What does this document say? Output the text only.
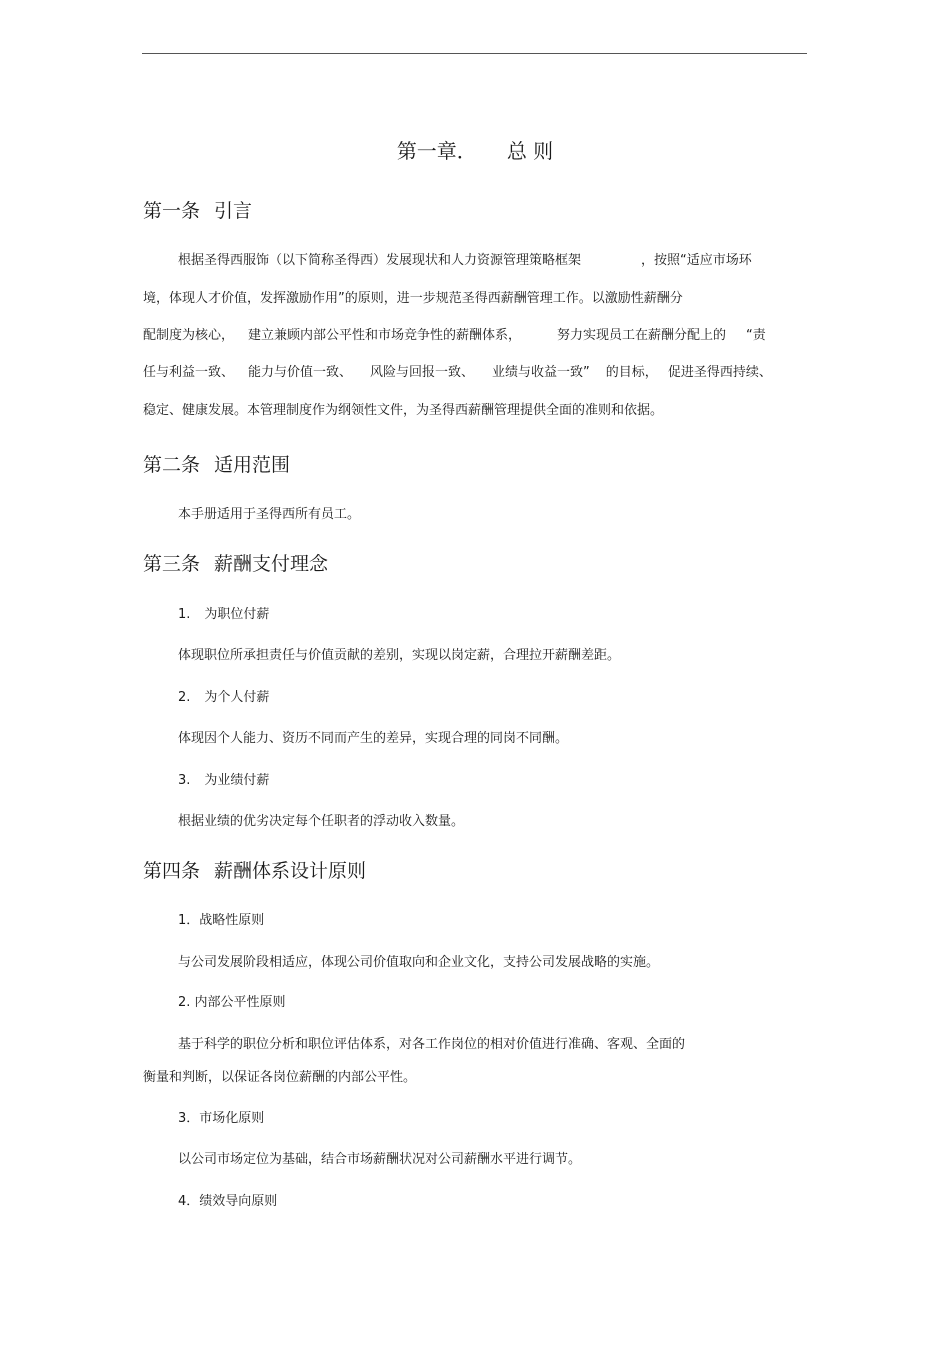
第一章． 总 则
第一条 引言
根据圣得西服饰（以下简称圣得西）发展现状和人力资源管理策略框架	，按照“适应市场环
境，体现人才价值，发挥激励作用”的原则，进一步规范圣得西薪酬管理工作。以激励性薪酬分
配制度为核心， 建立兼顾内部公平性和市场竞争性的薪酬体系，	努力实现员工在薪酬分配上的 “责
任与利益一致、 能力与价值一致、 风险与回报一致、 业绩与收益一致” 的目标， 促进圣得西持续、
稳定、健康发展。本管理制度作为纲领性文件，为圣得西薪酬管理提供全面的准则和依据。
第二条 适用范围
本手册适用于圣得西所有员工。
第三条 薪酬支付理念
1. 为职位付薪
体现职位所承担责任与价值贡献的差别，实现以岗定薪，合理拉开薪酬差距。
2. 为个人付薪
体现因个人能力、资历不同而产生的差异，实现合理的同岗不同酬。
3. 为业绩付薪
根据业绩的优劣决定每个任职者的浮动收入数量。
第四条 薪酬体系设计原则
1．战略性原则
与公司发展阶段相适应，体现公司价值取向和企业文化，支持公司发展战略的实施。
2. 内部公平性原则
基于科学的职位分析和职位评估体系，对各工作岗位的相对价值进行准确、客观、全面的
衡量和判断，以保证各岗位薪酬的内部公平性。
3．市场化原则
以公司市场定位为基础，结合市场薪酬状况对公司薪酬水平进行调节。
4．绩效导向原则
